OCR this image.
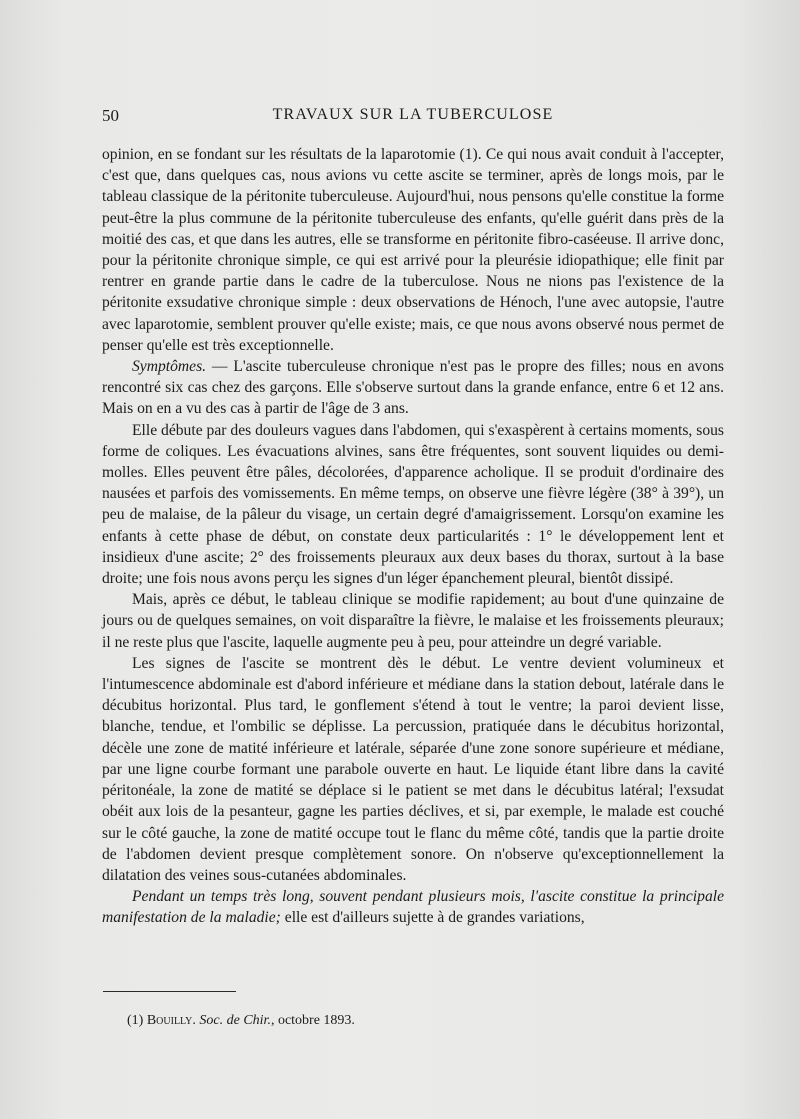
50	TRAVAUX SUR LA TUBERCULOSE

opinion, en se fondant sur les résultats de la laparotomie (1). Ce qui nous avait conduit à l'accepter, c'est que, dans quelques cas, nous avions vu cette ascite se terminer, après de longs mois, par le tableau classique de la péritonite tuberculeuse. Aujourd'hui, nous pensons qu'elle constitue la forme peut-être la plus commune de la péritonite tuberculeuse des enfants, qu'elle guérit dans près de la moitié des cas, et que dans les autres, elle se transforme en péritonite fibro-caséeuse. Il arrive donc, pour la péritonite chronique simple, ce qui est arrivé pour la pleurésie idiopathique; elle finit par rentrer en grande partie dans le cadre de la tuberculose. Nous ne nions pas l'existence de la péritonite exsudative chronique simple : deux observations de Hénoch, l'une avec autopsie, l'autre avec laparotomie, semblent prouver qu'elle existe; mais, ce que nous avons observé nous permet de penser qu'elle est très exceptionnelle.

Symptômes. — L'ascite tuberculeuse chronique n'est pas le propre des filles; nous en avons rencontré six cas chez des garçons. Elle s'observe surtout dans la grande enfance, entre 6 et 12 ans. Mais on en a vu des cas à partir de l'âge de 3 ans.

Elle débute par des douleurs vagues dans l'abdomen, qui s'exaspèrent à certains moments, sous forme de coliques. Les évacuations alvines, sans être fréquentes, sont souvent liquides ou demi-molles. Elles peuvent être pâles, décolorées, d'apparence acholique. Il se produit d'ordinaire des nausées et parfois des vomissements. En même temps, on observe une fièvre légère (38° à 39°), un peu de malaise, de la pâleur du visage, un certain degré d'amaigrissement. Lorsqu'on examine les enfants à cette phase de début, on constate deux particularités : 1° le développement lent et insidieux d'une ascite; 2° des froissements pleuraux aux deux bases du thorax, surtout à la base droite; une fois nous avons perçu les signes d'un léger épanchement pleural, bientôt dissipé.

Mais, après ce début, le tableau clinique se modifie rapidement; au bout d'une quinzaine de jours ou de quelques semaines, on voit disparaître la fièvre, le malaise et les froissements pleuraux; il ne reste plus que l'ascite, laquelle augmente peu à peu, pour atteindre un degré variable.

Les signes de l'ascite se montrent dès le début. Le ventre devient volumineux et l'intumescence abdominale est d'abord inférieure et médiane dans la station debout, latérale dans le décubitus horizontal. Plus tard, le gonflement s'étend à tout le ventre; la paroi devient lisse, blanche, tendue, et l'ombilic se déplisse. La percussion, pratiquée dans le décubitus horizontal, décèle une zone de matité inférieure et latérale, séparée d'une zone sonore supérieure et médiane, par une ligne courbe formant une parabole ouverte en haut. Le liquide étant libre dans la cavité péritonéale, la zone de matité se déplace si le patient se met dans le décubitus latéral; l'exsudat obéit aux lois de la pesanteur, gagne les parties déclives, et si, par exemple, le malade est couché sur le côté gauche, la zone de matité occupe tout le flanc du même côté, tandis que la partie droite de l'abdomen devient presque complètement sonore. On n'observe qu'exceptionnellement la dilatation des veines sous-cutanées abdominales.

Pendant un temps très long, souvent pendant plusieurs mois, l'ascite constitue la principale manifestation de la maladie; elle est d'ailleurs sujette à de grandes variations,

(1) Bouilly. Soc. de Chir., octobre 1893.
